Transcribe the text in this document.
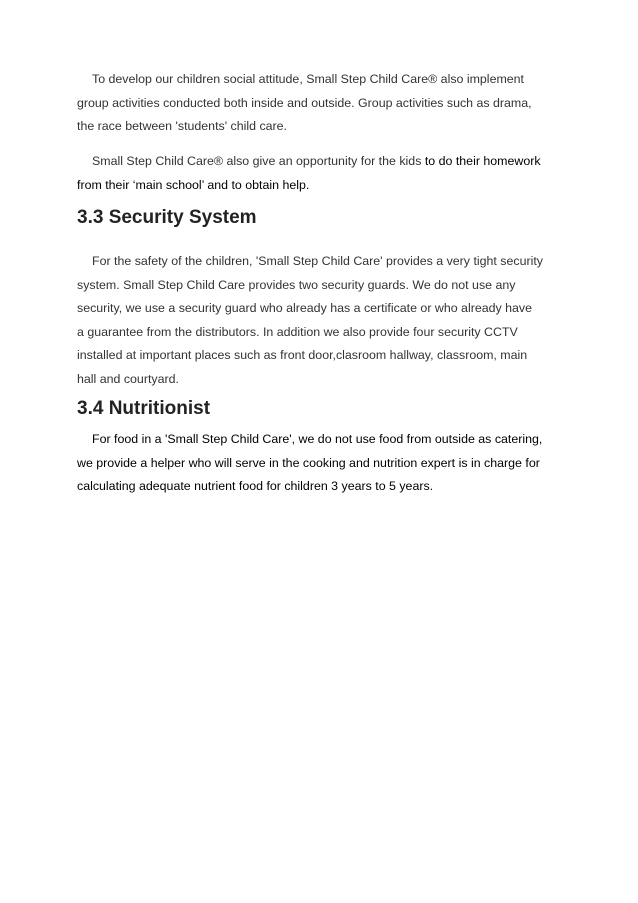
To develop our children social attitude, Small Step Child Care® also implement
group activities conducted both inside and outside. Group activities such as drama,
the race between 'students' child care.
Small Step Child Care® also give an opportunity for the kids to do their homework
from their ‘main school’ and to obtain help.
3.3 Security System
For the safety of the children, 'Small Step Child Care' provides a very tight security
system. Small Step Child Care provides two security guards. We do not use any
security, we use a security guard who already has a certificate or who already have
a guarantee from the distributors. In addition we also provide four security CCTV
installed at important places such as front door,clasroom hallway, classroom, main
hall and courtyard.
3.4 Nutritionist
For food in a 'Small Step Child Care', we do not use food from outside as catering,
we provide a helper who will serve in the cooking and nutrition expert is in charge for
calculating adequate nutrient food for children 3 years to 5 years.
